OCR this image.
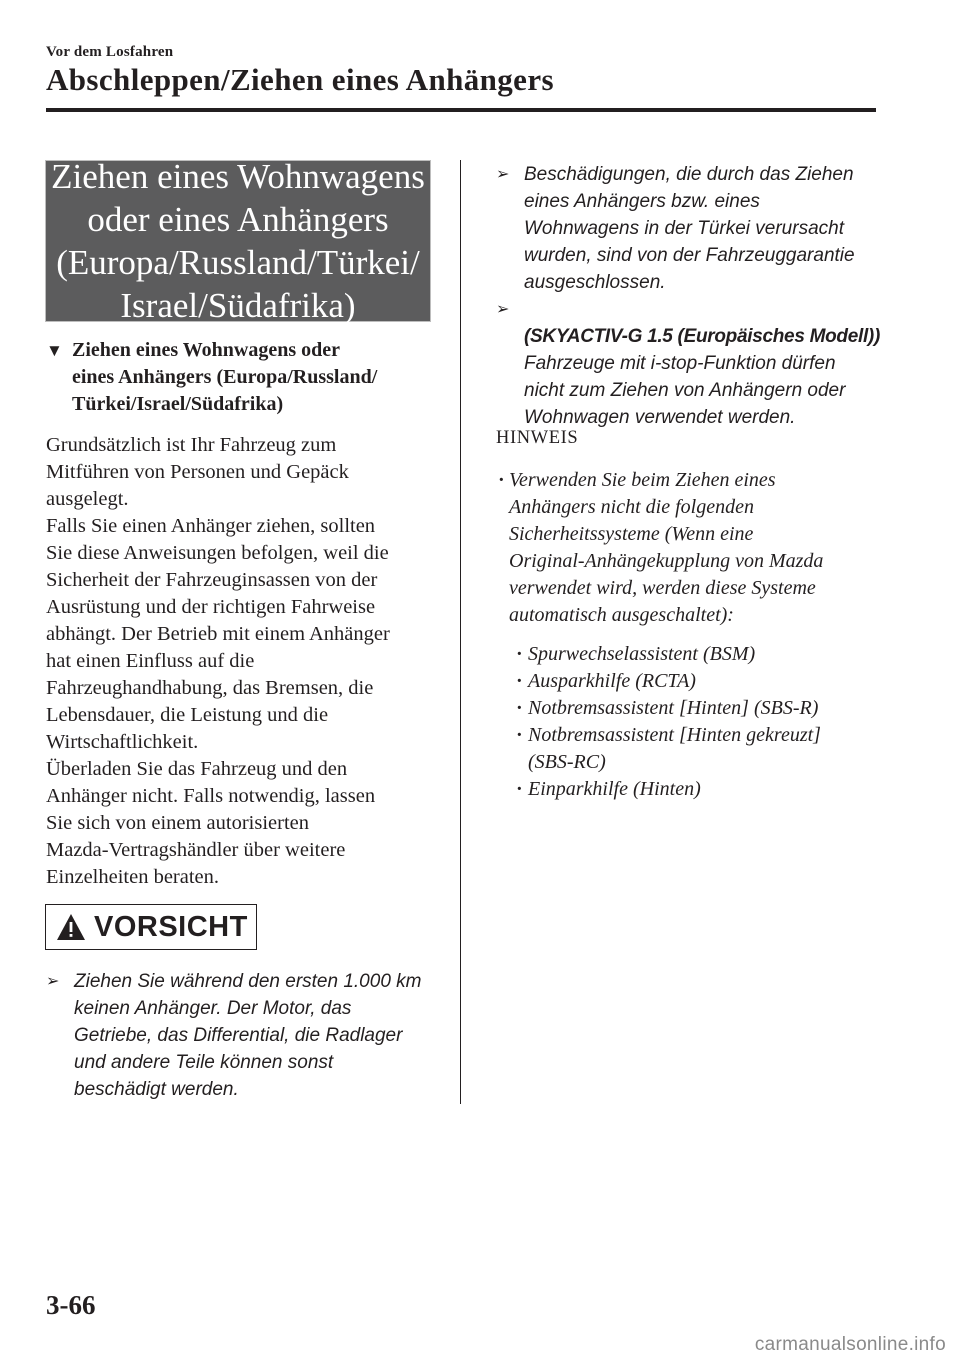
Vor dem Losfahren
Abschleppen/Ziehen eines Anhängers

Ziehen eines Wohnwagens
oder eines Anhängers
(Europa/Russland/Türkei/
Israel/Südafrika)

▼ Ziehen eines Wohnwagens oder
eines Anhängers (Europa/Russland/
Türkei/Israel/Südafrika)

Grundsätzlich ist Ihr Fahrzeug zum
Mitführen von Personen und Gepäck
ausgelegt.
Falls Sie einen Anhänger ziehen, sollten
Sie diese Anweisungen befolgen, weil die
Sicherheit der Fahrzeuginsassen von der
Ausrüstung und der richtigen Fahrweise
abhängt. Der Betrieb mit einem Anhänger
hat einen Einfluss auf die
Fahrzeughandhabung, das Bremsen, die
Lebensdauer, die Leistung und die
Wirtschaftlichkeit.
Überladen Sie das Fahrzeug und den
Anhänger nicht. Falls notwendig, lassen
Sie sich von einem autorisierten
Mazda-Vertragshändler über weitere
Einzelheiten beraten.

VORSICHT
➢ Ziehen Sie während den ersten 1.000 km
keinen Anhänger. Der Motor, das
Getriebe, das Differential, die Radlager
und andere Teile können sonst
beschädigt werden.
➢ Beschädigungen, die durch das Ziehen
eines Anhängers bzw. eines
Wohnwagens in der Türkei verursacht
wurden, sind von der Fahrzeuggarantie
ausgeschlossen.
➢

(SKYACTIV-G 1.5 (Europäisches Modell))

Fahrzeuge mit i-stop-Funktion dürfen
nicht zum Ziehen von Anhängern oder
Wohnwagen verwendet werden.

HINWEIS
· Verwenden Sie beim Ziehen eines
Anhängers nicht die folgenden
Sicherheitssysteme (Wenn eine
Original-Anhängekupplung von Mazda
verwendet wird, werden diese Systeme
automatisch ausgeschaltet):
· Spurwechselassistent (BSM)
· Ausparkhilfe (RCTA)
· Notbremsassistent [Hinten] (SBS-R)
· Notbremsassistent [Hinten gekreuzt]
(SBS-RC)
· Einparkhilfe (Hinten)
3-66
carmanualsonline.info
